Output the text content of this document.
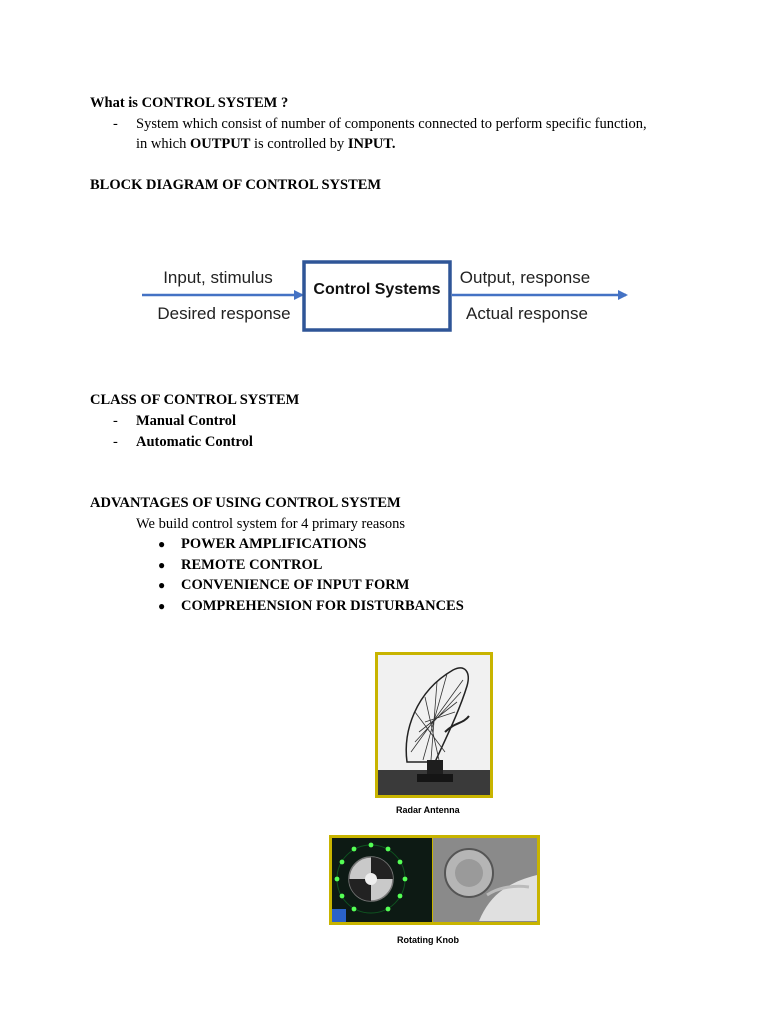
What is CONTROL SYSTEM ?
- System which consist of number of components connected to perform specific function,
in which OUTPUT is controlled by INPUT.
BLOCK DIAGRAM OF CONTROL SYSTEM
Input, stimulus
Desired response
Control Systems
Output, response
Actual response
CLASS OF CONTROL SYSTEM
- Manual Control
- Automatic Control
ADVANTAGES OF USING CONTROL SYSTEM
We build control system for 4 primary reasons
● POWER AMPLIFICATIONS
● REMOTE CONTROL
● CONVENIENCE OF INPUT FORM
● COMPREHENSION FOR DISTURBANCES
Radar Antenna
Rotating Knob
